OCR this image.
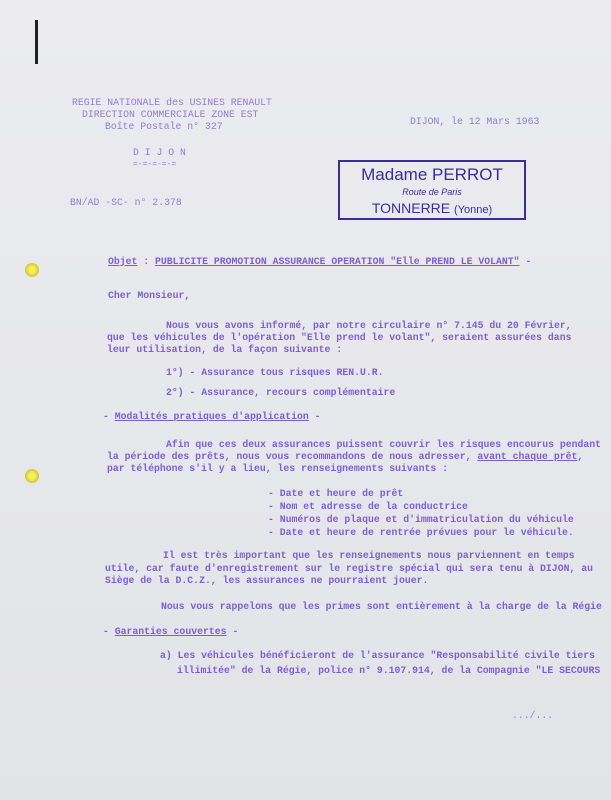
REGIE NATIONALE des USINES RENAULT
DIRECTION COMMERCIALE ZONE EST
Boîte Postale n° 327
D I J O N
=-=-=-=-=
DIJON, le 12 Mars 1963
BN/AD -SC- n° 2.378
Madame PERROT
Route de Paris
TONNERRE (Yonne)
Objet : PUBLICITE PROMOTION ASSURANCE OPERATION "Elle PREND LE VOLANT" -
Cher Monsieur,
Nous vous avons informé, par notre circulaire n° 7.145 du 20 Février,
que les véhicules de l'opération "Elle prend le volant", seraient assurées dans
leur utilisation, de la façon suivante :
1°) - Assurance tous risques REN.U.R.
2°) - Assurance, recours complémentaire
- Modalités pratiques d'application -
Afin que ces deux assurances puissent couvrir les risques encourus pendant
la période des prêts, nous vous recommandons de nous adresser, avant chaque prêt,
par téléphone s'il y a lieu, les renseignements suivants :
- Date et heure de prêt
- Nom et adresse de la conductrice
- Numéros de plaque et d'immatriculation du véhicule
- Date et heure de rentrée prévues pour le véhicule.
Il est très important que les renseignements nous parviennent en temps
utile, car faute d'enregistrement sur le registre spécial qui sera tenu à DIJON, au
Siège de la D.C.Z., les assurances ne pourraient jouer.
Nous vous rappelons que les primes sont entièrement à la charge de la Régie
- Garanties couvertes -
a) Les véhicules bénéficieront de l'assurance "Responsabilité civile tiers
illimitée" de la Régie, police n° 9.107.914, de la Compagnie "LE SECOURS
.../...
